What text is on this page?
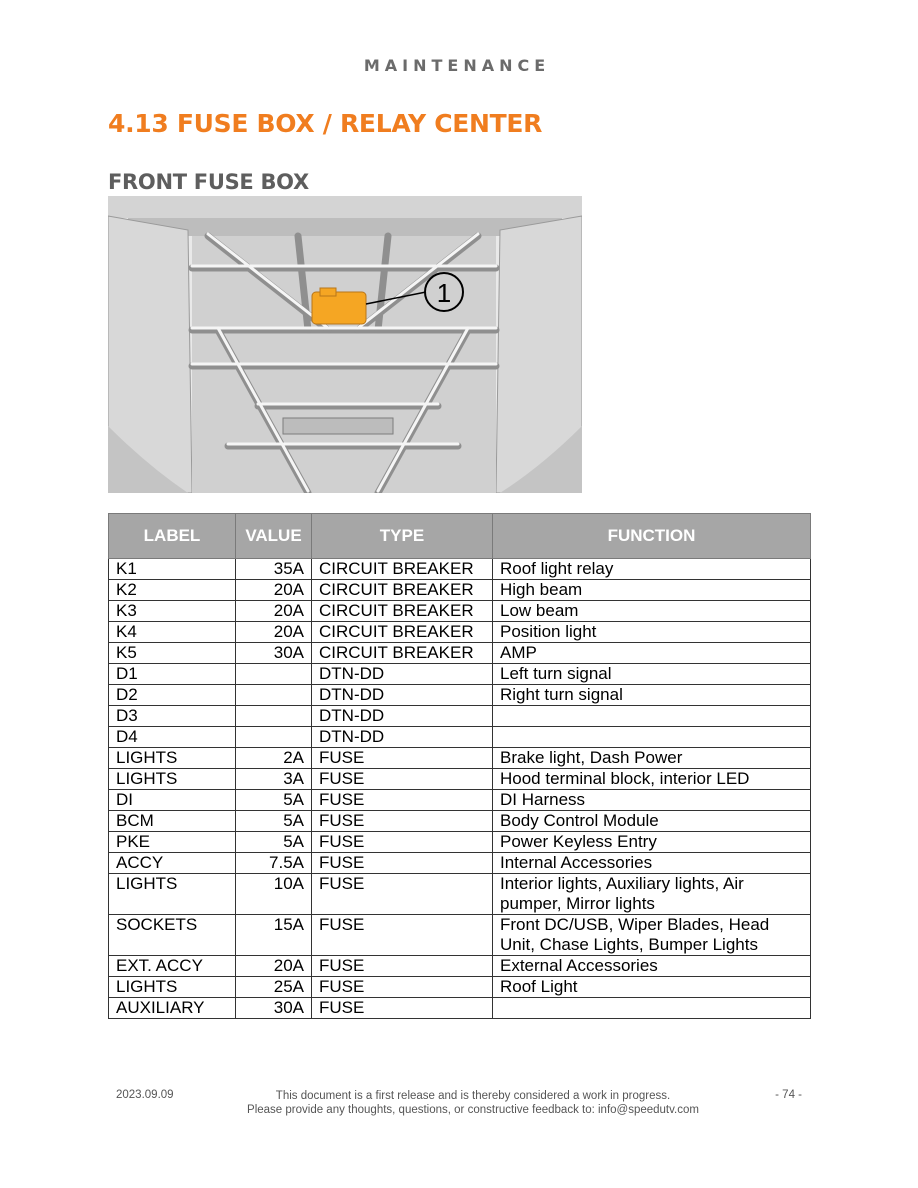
MAINTENANCE
4.13 FUSE BOX / RELAY CENTER
FRONT FUSE BOX
1
LABEL	VALUE	TYPE	FUNCTION
K1	35A	CIRCUIT BREAKER	Roof light relay
K2	20A	CIRCUIT BREAKER	High beam
K3	20A	CIRCUIT BREAKER	Low beam
K4	20A	CIRCUIT BREAKER	Position light
K5	30A	CIRCUIT BREAKER	AMP
D1		DTN-DD	Left turn signal
D2		DTN-DD	Right turn signal
D3		DTN-DD	
D4		DTN-DD	
LIGHTS	2A	FUSE	Brake light, Dash Power
LIGHTS	3A	FUSE	Hood terminal block, interior LED
DI	5A	FUSE	DI Harness
BCM	5A	FUSE	Body Control Module
PKE	5A	FUSE	Power Keyless Entry
ACCY	7.5A	FUSE	Internal Accessories
LIGHTS	10A	FUSE	Interior lights, Auxiliary lights, Air pumper, Mirror lights
SOCKETS	15A	FUSE	Front DC/USB, Wiper Blades, Head Unit, Chase Lights, Bumper Lights
EXT. ACCY	20A	FUSE	External Accessories
LIGHTS	25A	FUSE	Roof Light
AUXILIARY	30A	FUSE	
2023.09.09	This document is a first release and is thereby considered a work in progress.
Please provide any thoughts, questions, or constructive feedback to: info@speedutv.com
- 74 -
